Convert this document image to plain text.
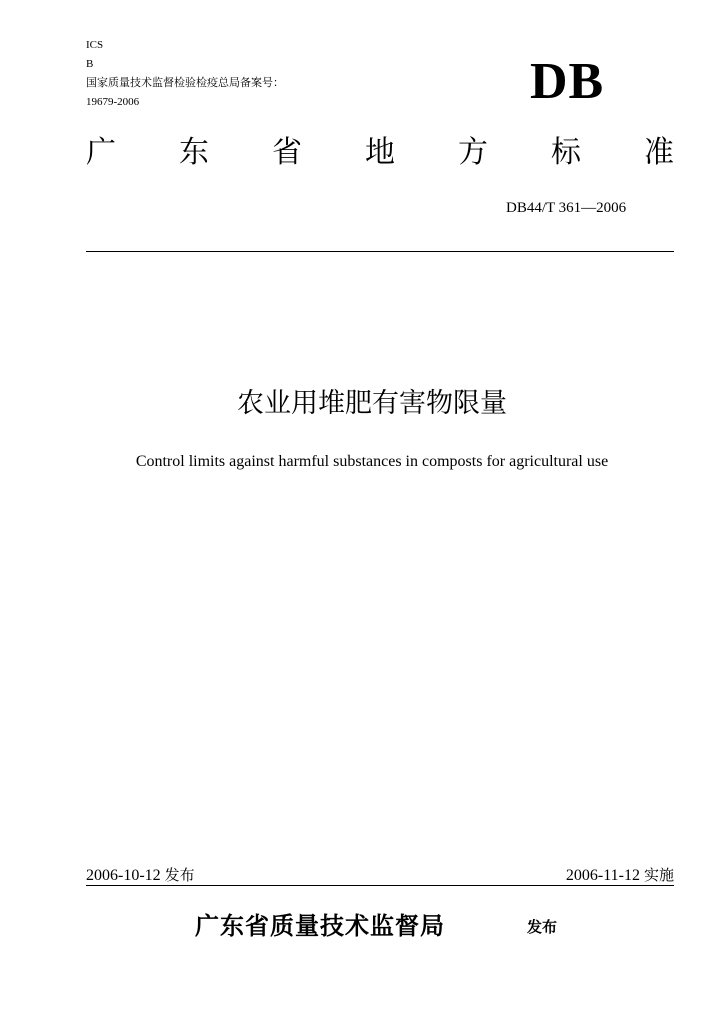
ICS
B
国家质量技术监督检验检疫总局备案号：
19679-2006	DB
广 东 省 地 方 标 准
DB44/T 361—2006
农业用堆肥有害物限量
Control limits against harmful substances in composts for agricultural use
2006-10-12 发布	2006-11-12 实施
广东省质量技术监督局	发布
